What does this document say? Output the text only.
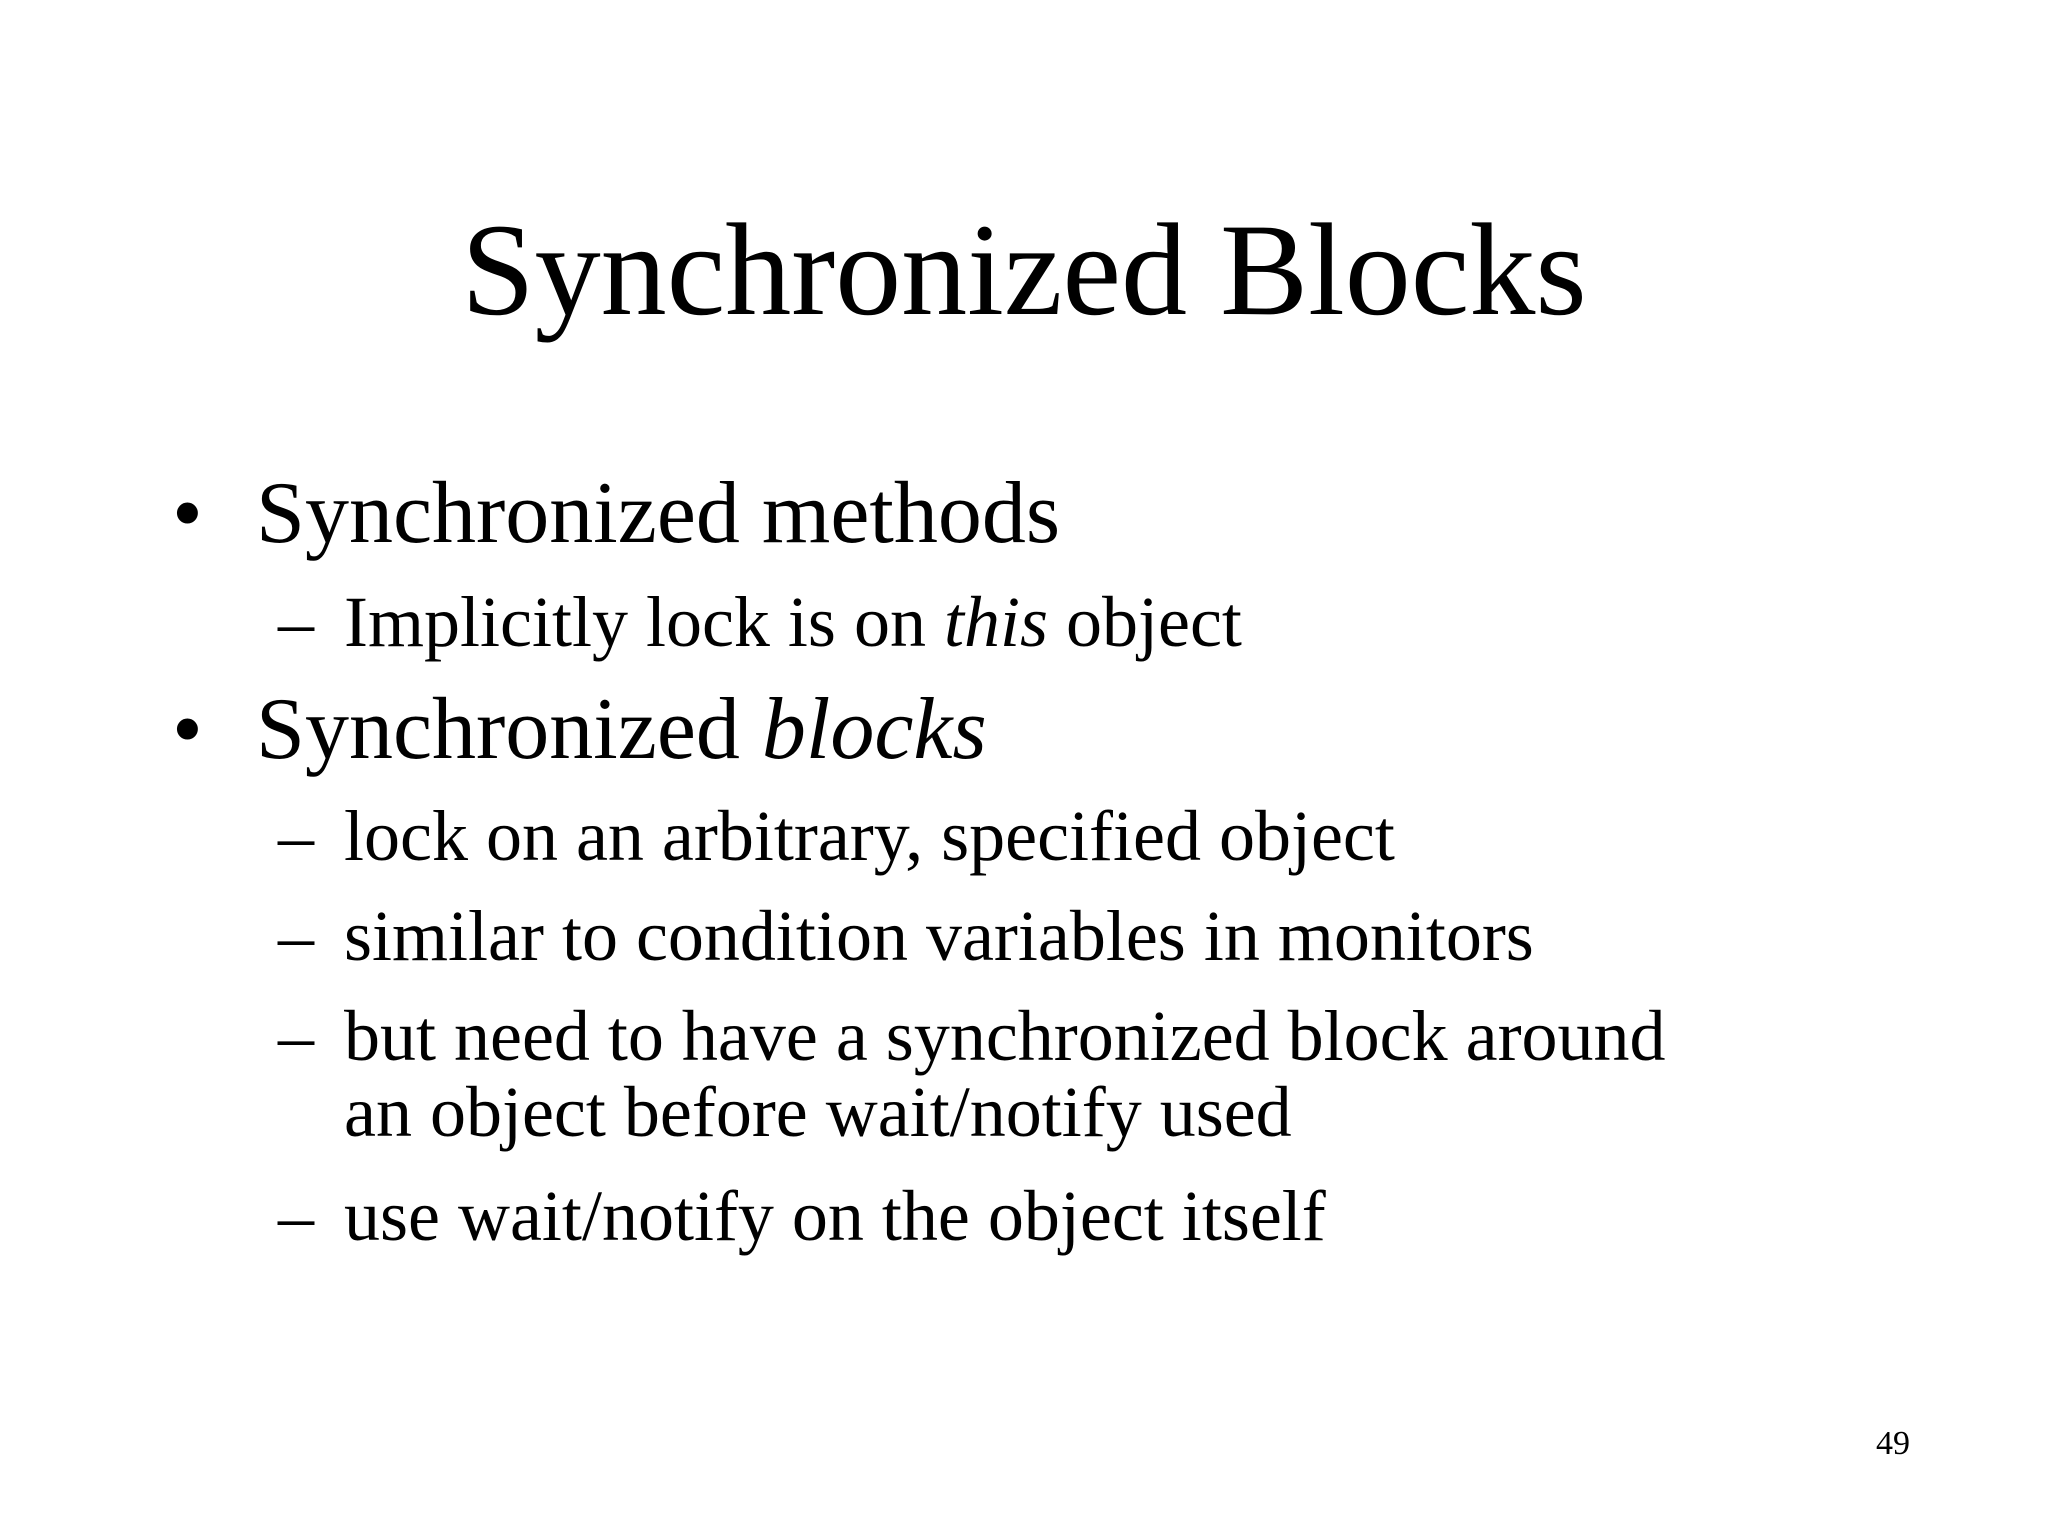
Synchronized Blocks
• Synchronized methods
– Implicitly lock is on this object
• Synchronized blocks
– lock on an arbitrary, specified object
– similar to condition variables in monitors
– but need to have a synchronized block around
an object before wait/notify used
– use wait/notify on the object itself
49
